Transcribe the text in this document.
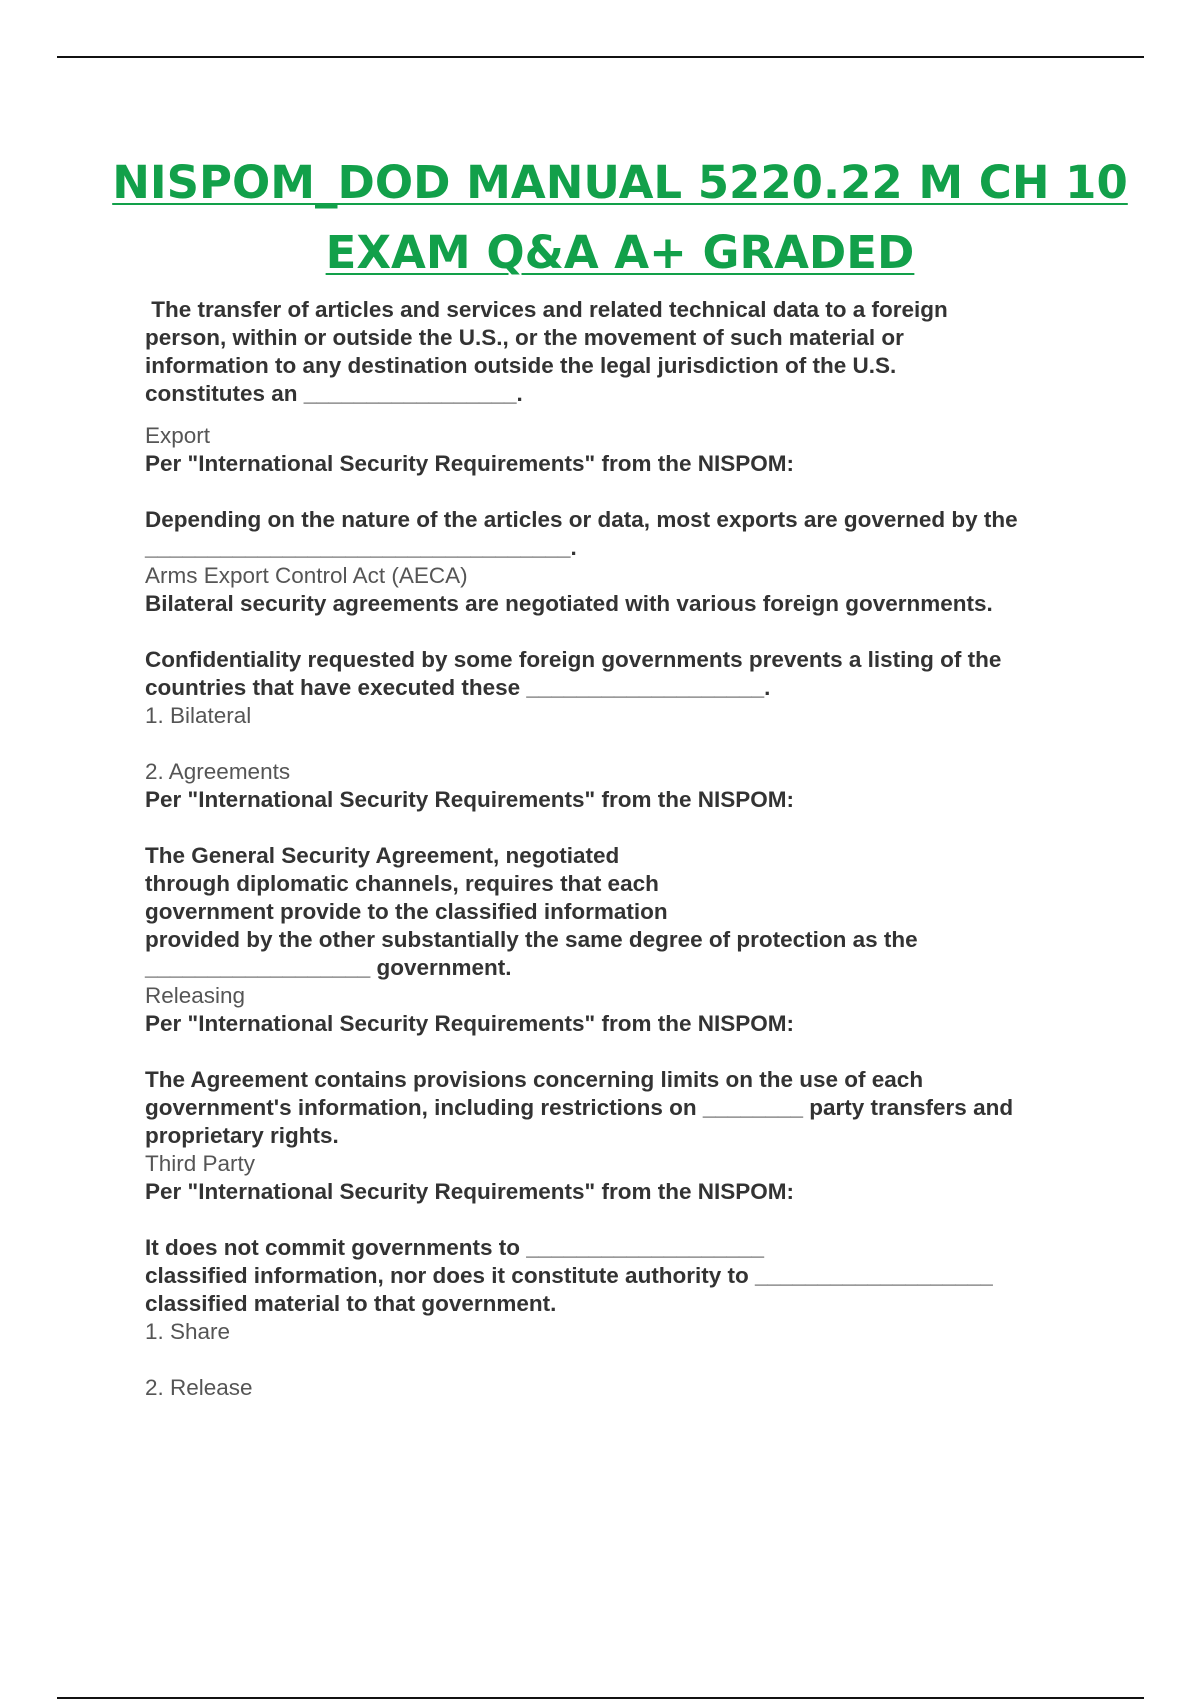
NISPOM_DOD MANUAL 5220.22 M CH 10
EXAM Q&A A+ GRADED
The transfer of articles and services and related technical data to a foreign
person, within or outside the U.S., or the movement of such material or
information to any destination outside the legal jurisdiction of the U.S.
constitutes an _________________.
Export
Per "International Security Requirements" from the NISPOM:

Depending on the nature of the articles or data, most exports are governed by the
__________________________________.
Arms Export Control Act (AECA)
Bilateral security agreements are negotiated with various foreign governments.

Confidentiality requested by some foreign governments prevents a listing of the
countries that have executed these ___________________.
1. Bilateral

2. Agreements
Per "International Security Requirements" from the NISPOM:

The General Security Agreement, negotiated
through diplomatic channels, requires that each
government provide to the classified information
provided by the other substantially the same degree of protection as the
__________________ government.
Releasing
Per "International Security Requirements" from the NISPOM:

The Agreement contains provisions concerning limits on the use of each
government's information, including restrictions on ________ party transfers and
proprietary rights.
Third Party
Per "International Security Requirements" from the NISPOM:

It does not commit governments to ___________________
classified information, nor does it constitute authority to ___________________
classified material to that government.
1. Share

2. Release
